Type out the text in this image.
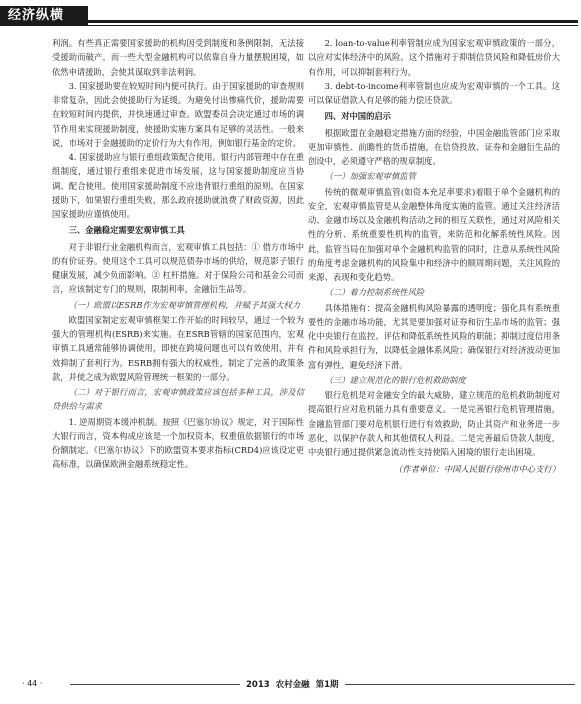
经济纵横

利润。有些真正需要国家援助的机构因受到制度和条例限制，无法接受援助而破产。而一些大型金融机构可以依靠自身力量摆脱困境，如依然申请援助，会使其谋取到非法利润。

3. 国家援助要在较短时间内便可执行。由于国家援助的审查规则非常复杂，因此会使援助行为延缓。为避免付出惨痛代价，援助需要在较短时间内提供，并快速通过审查。欧盟委员会决定通过市场的调节作用来实现援助制度，使援助实施方案具有足够的灵活性。一般来说，市场对于金融援助的定价行为大有作用，例如银行基金的定价。

4. 国家援助应与银行重组政策配合使用。银行内部管理中存在重组制度，通过银行重组来促进市场发展，这与国家援助制度应当协调、配合使用。使用国家援助制度不应违背银行重组的原则。在国家援助下，如果银行重组失败，那么政府援助就浪费了财政资源，因此国家援助应谨慎使用。

三、金融稳定需要宏观审慎工具

对于非银行业金融机构而言，宏观审慎工具包括：① 借方市场中的有价证券。使用这个工具可以规范债券市场的供给，规范影子银行健康发展，减少负面影响。② 杠杆措施。对于保险公司和基金公司而言，应该制定专门的规则，限制利率，金融衍生品等。

（一）欧盟以ESRB作为宏观审慎管理机构，并赋予其强大权力

欧盟国家制定宏观审慎框架工作开始的时间较早，通过一个较为强大的管理机构(ESRB)来实施。在ESRB管辖的国家范围内，宏观审慎工具通常能够协调使用，即使在跨境问题也可以有效使用，并有效抑制了套利行为。ESRB拥有强大的权威性，制定了完善的政策条款，并使之成为欧盟风险管理统一框架的一部分。

（二）对于银行而言，宏观审慎政策应该包括多种工具，涉及信贷供给与需求

1. 逆周期资本缓冲机制。按照《巴塞尔协议》规定，对于国际性大银行而言，资本构成应该是一个加权资本，权重值依据银行的市场份额制定。《巴塞尔协议》下的欧盟资本要求指标(CRD4)应该设定更高标准，以确保欧洲金融系统稳定性。

2. loan-to-value利率管制应成为国家宏观审慎政策的一部分，以应对实体经济中的风险。这个措施对于抑制信贷风险和降低房价大有作用，可以抑制套利行为。

3. debt-to-income利率管制也应成为宏观审慎的一个工具。这可以保证借款人有足够的能力偿还贷款。

四、对中国的启示

根据欧盟在金融稳定措施方面的经验，中国金融监管部门应采取更加审慎性、前瞻性的货币措施，在信贷投放、证券和金融衍生品的创设中，必须遵守严格的规章制度。

（一）加强宏观审慎监管

传统的微观审慎监管(如资本充足率要求)着眼于单个金融机构的安全，宏观审慎监管是从金融整体角度实施的监管。通过关注经济活动、金融市场以及金融机构活动之间的相互关联性，通过对风险相关性的分析、系统重要性机构的监管，来防范和化解系统性风险。因此，监管当局在加强对单个金融机构监管的同时，注意从系统性风险的角度考虑金融机构的风险集中和经济中的顺周期问题，关注风险的来源、表现和变化趋势。

（二）着力控制系统性风险

具体措施有：提高金融机构风险暴露的透明度；强化具有系统重要性的金融市场功能，尤其是要加强对证券和衍生品市场的监管；强化中央银行在监控、评估和降低系统性风险的职能；抑制过度信用条件和风险承担行为，以降低金融体系风险；确保银行对经济波动更加富有弹性，避免经济下滑。

（三）建立规范化的银行危机救助制度

银行危机是对金融安全的最大威胁，建立规范的危机救助制度对提高银行应对危机能力具有重要意义。一是完善银行危机管理措施，金融监管部门要对危机银行进行有效救助，防止其资产和业务进一步恶化，以保护存款人和其他债权人利益。二是完善最后贷款人制度，中央银行通过提供紧急流动性支持使陷入困境的银行走出困境。

（作者单位：中国人民银行徐州市中心支行）

· 44 ·	2013 农村金融 第1期
